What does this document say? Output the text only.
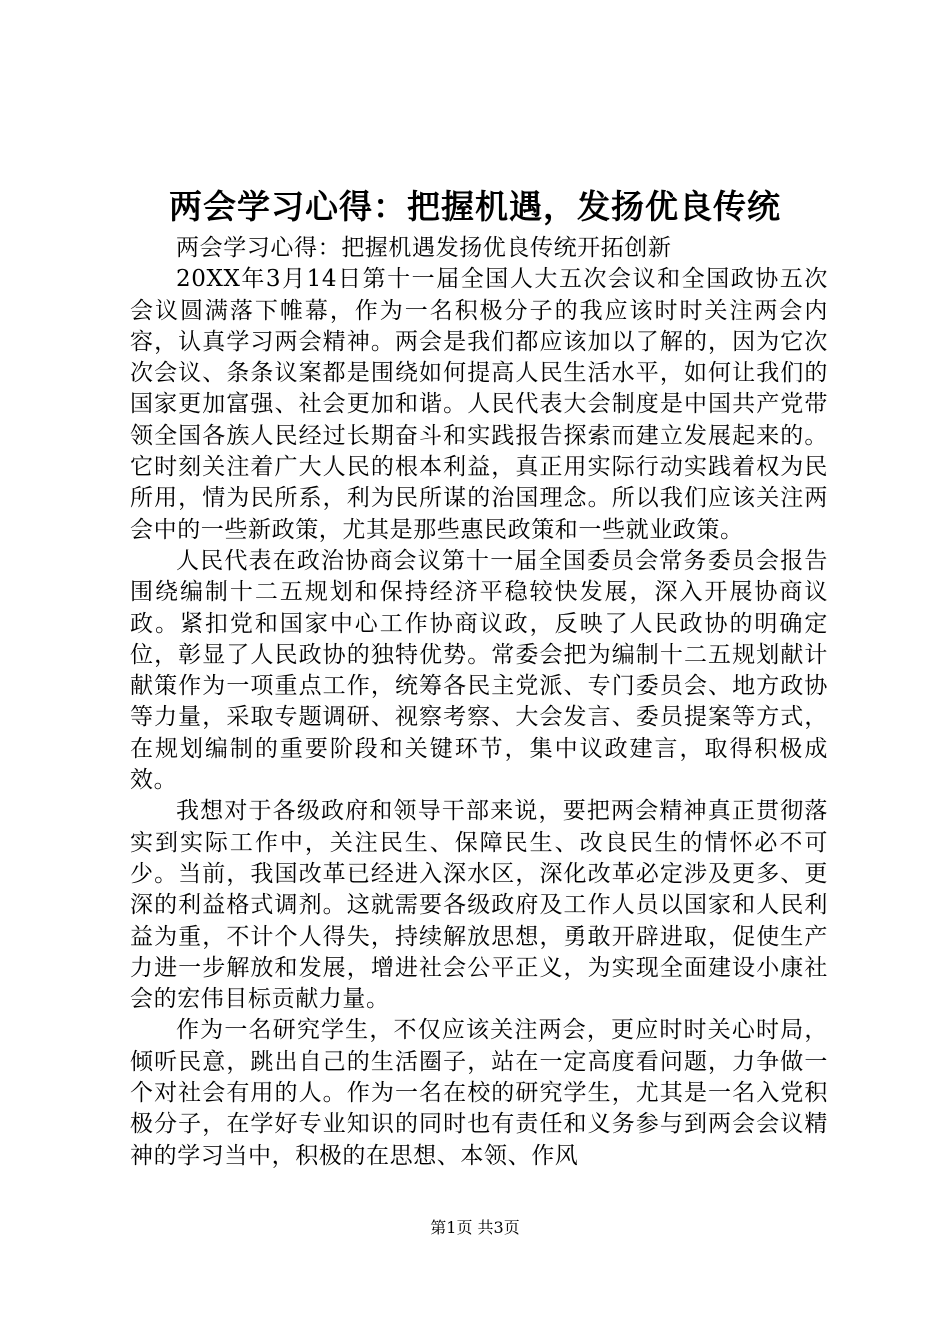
两会学习心得：把握机遇，发扬优良传统

两会学习心得：把握机遇发扬优良传统开拓创新

20XX年3月14日第十一届全国人大五次会议和全国政协五次会议圆满落下帷幕，作为一名积极分子的我应该时时关注两会内容，认真学习两会精神。两会是我们都应该加以了解的，因为它次次会议、条条议案都是围绕如何提高人民生活水平，如何让我们的国家更加富强、社会更加和谐。人民代表大会制度是中国共产党带领全国各族人民经过长期奋斗和实践报告探索而建立发展起来的。它时刻关注着广大人民的根本利益，真正用实际行动实践着权为民所用，情为民所系，利为民所谋的治国理念。所以我们应该关注两会中的一些新政策，尤其是那些惠民政策和一些就业政策。

人民代表在政治协商会议第十一届全国委员会常务委员会报告围绕编制十二五规划和保持经济平稳较快发展，深入开展协商议政。紧扣党和国家中心工作协商议政，反映了人民政协的明确定位，彰显了人民政协的独特优势。常委会把为编制十二五规划献计献策作为一项重点工作，统筹各民主党派、专门委员会、地方政协等力量，采取专题调研、视察考察、大会发言、委员提案等方式，在规划编制的重要阶段和关键环节，集中议政建言，取得积极成效。

我想对于各级政府和领导干部来说，要把两会精神真正贯彻落实到实际工作中，关注民生、保障民生、改良民生的情怀必不可少。当前，我国改革已经进入深水区，深化改革必定涉及更多、更深的利益格式调剂。这就需要各级政府及工作人员以国家和人民利益为重，不计个人得失，持续解放思想，勇敢开辟进取，促使生产力进一步解放和发展，增进社会公平正义，为实现全面建设小康社会的宏伟目标贡献力量。

作为一名研究学生，不仅应该关注两会，更应时时关心时局，倾听民意，跳出自己的生活圈子，站在一定高度看问题，力争做一个对社会有用的人。作为一名在校的研究学生，尤其是一名入党积极分子，在学好专业知识的同时也有责任和义务参与到两会会议精神的学习当中，积极的在思想、本领、作风

第1页 共3页
